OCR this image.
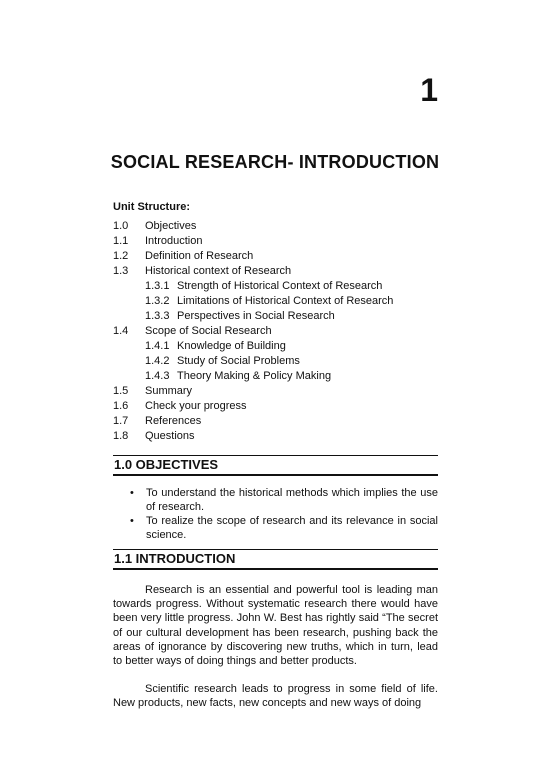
1
SOCIAL RESEARCH- INTRODUCTION
Unit Structure:
1.0 Objectives
1.1 Introduction
1.2 Definition of Research
1.3 Historical context of Research
1.3.1 Strength of Historical Context of Research
1.3.2 Limitations of Historical Context of Research
1.3.3 Perspectives in Social Research
1.4 Scope of Social Research
1.4.1 Knowledge of Building
1.4.2 Study of Social Problems
1.4.3 Theory Making & Policy Making
1.5 Summary
1.6 Check your progress
1.7 References
1.8 Questions
1.0 OBJECTIVES
• To understand the historical methods which implies the use of research.

• To realize the scope of research and its relevance in social science.

1.1 INTRODUCTION

Research is an essential and powerful tool is leading man towards progress. Without systematic research there would have been very little progress. John W. Best has rightly said “The secret of our cultural development has been research, pushing back the areas of ignorance by discovering new truths, which in turn, lead to better ways of doing things and better products.

Scientific research leads to progress in some field of life. New products, new facts, new concepts and new ways of doing
